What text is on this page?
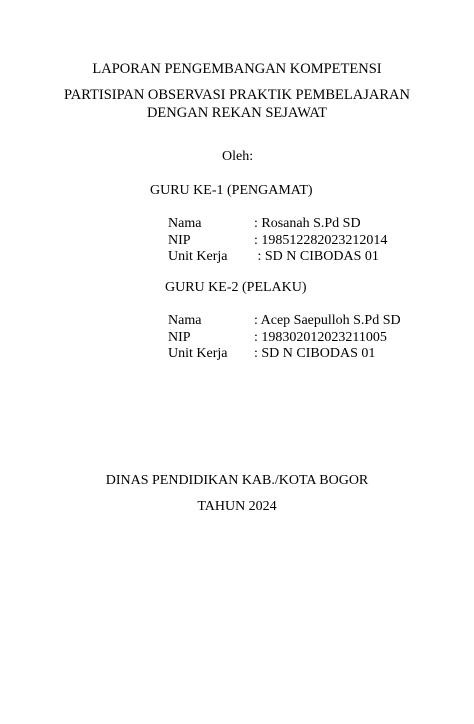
LAPORAN PENGEMBANGAN KOMPETENSI
PARTISIPAN OBSERVASI PRAKTIK PEMBELAJARAN
DENGAN REKAN SEJAWAT
Oleh:
GURU KE-1 (PENGAMAT)
Nama	: Rosanah S.Pd SD
NIP	: 198512282023212014
Unit Kerja : SD N CIBODAS 01
GURU KE-2 (PELAKU)
Nama	: Acep Saepulloh S.Pd SD
NIP	: 198302012023211005
Unit Kerja : SD N CIBODAS 01
DINAS PENDIDIKAN KAB./KOTA BOGOR
TAHUN 2024
